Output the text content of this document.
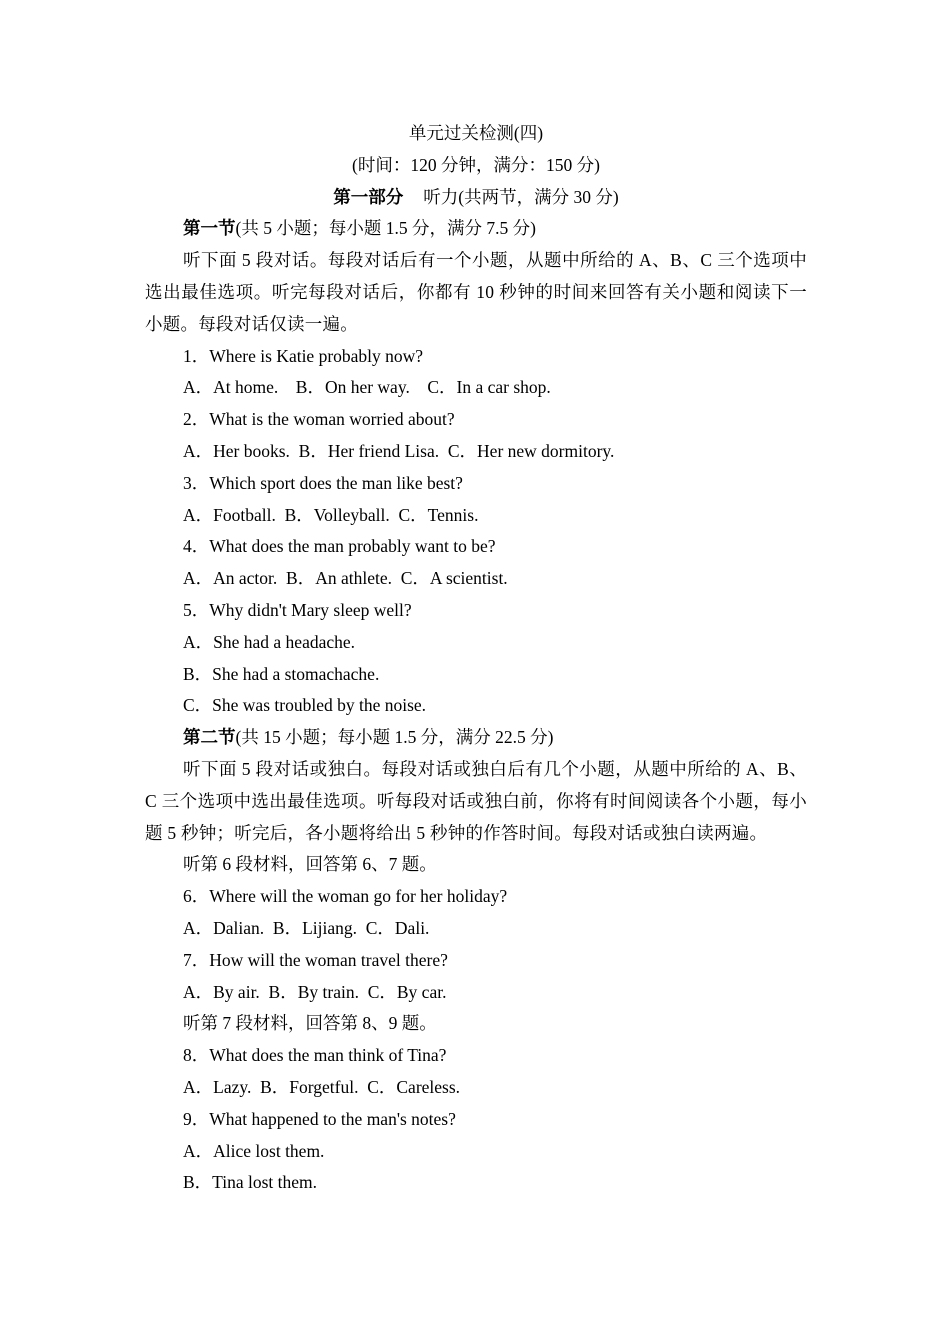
单元过关检测(四)
(时间：120 分钟，满分：150 分)
第一部分 听力(共两节，满分 30 分)
第一节(共 5 小题；每小题 1.5 分，满分 7.5 分)
听下面 5 段对话。每段对话后有一个小题，从题中所给的 A、B、C 三个选项中选出最佳选项。听完每段对话后，你都有 10 秒钟的时间来回答有关小题和阅读下一小题。每段对话仅读一遍。
1．Where is Katie probably now?
A．At home.    B．On her way.    C．In a car shop.
2．What is the woman worried about?
A．Her books.  B．Her friend Lisa.  C．Her new dormitory.
3．Which sport does the man like best?
A．Football.  B．Volleyball.  C．Tennis.
4．What does the man probably want to be?
A．An actor.  B．An athlete.  C．A scientist.
5．Why didn't Mary sleep well?
A．She had a headache.
B．She had a stomachache.
C．She was troubled by the noise.
第二节(共 15 小题；每小题 1.5 分，满分 22.5 分)
听下面 5 段对话或独白。每段对话或独白后有几个小题，从题中所给的 A、B、C 三个选项中选出最佳选项。听每段对话或独白前，你将有时间阅读各个小题，每小题 5 秒钟；听完后，各小题将给出 5 秒钟的作答时间。每段对话或独白读两遍。
听第 6 段材料，回答第 6、7 题。
6．Where will the woman go for her holiday?
A．Dalian.  B．Lijiang.  C．Dali.
7．How will the woman travel there?
A．By air.  B．By train.  C．By car.
听第 7 段材料，回答第 8、9 题。
8．What does the man think of Tina?
A．Lazy.  B．Forgetful.  C．Careless.
9．What happened to the man's notes?
A．Alice lost them.
B．Tina lost them.
